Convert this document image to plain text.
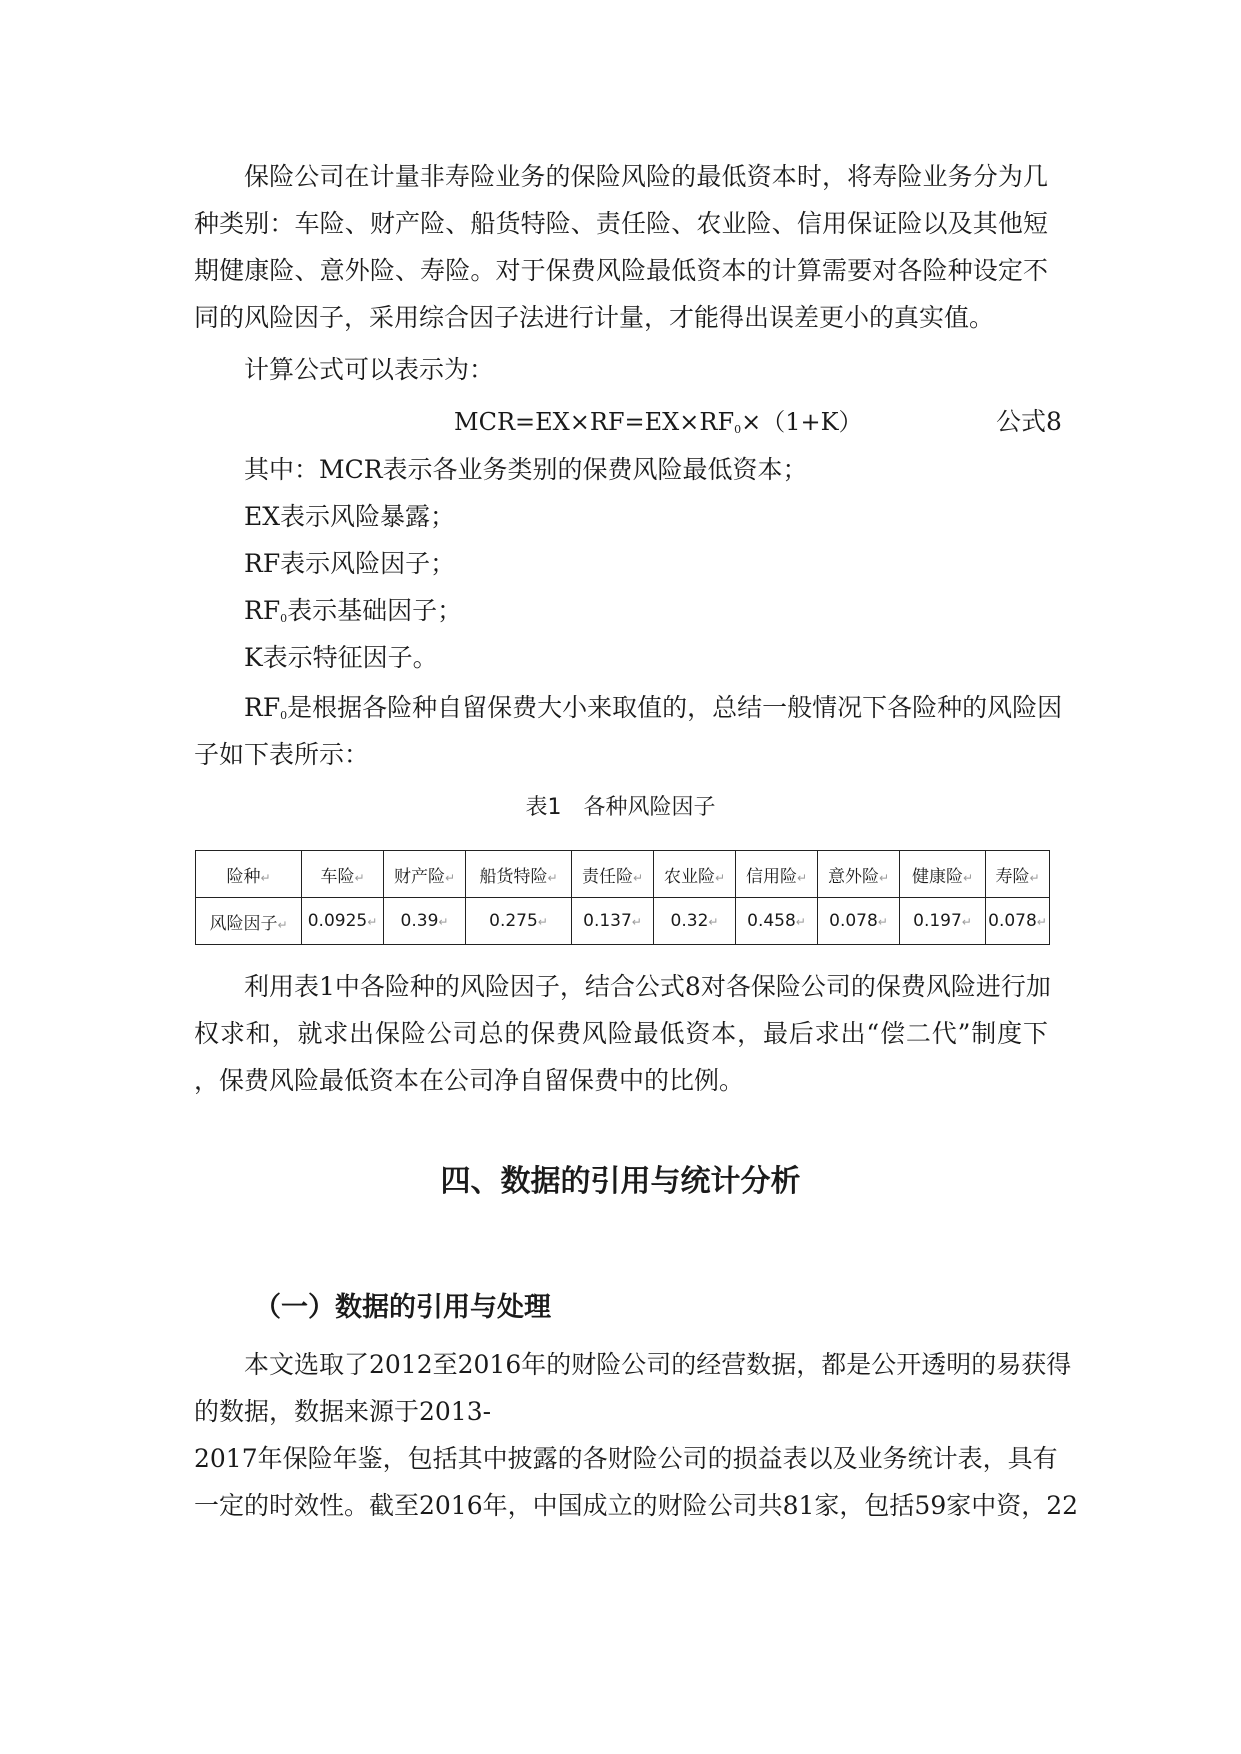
保险公司在计量非寿险业务的保险风险的最低资本时，将寿险业务分为几
种类别：车险、财产险、船货特险、责任险、农业险、信用保证险以及其他短
期健康险、意外险、寿险。对于保费风险最低资本的计算需要对各险种设定不
同的风险因子，采用综合因子法进行计量，才能得出误差更小的真实值。
计算公式可以表示为：
$MCR=EX\times RF=EX\times RF_0\times(1+K)$	公式8
其中：MCR表示各业务类别的保费风险最低资本；
EX表示风险暴露；
RF表示风险因子；
$RF_0$表示基础因子；
K表示特征因子。
$RF_0$是根据各险种自留保费大小来取值的，总结一般情况下各险种的风险因
子如下表所示：
表1　各种风险因子
险种↵	车险↵	财产险↵	船货特险↵	责任险↵	农业险↵	信用险↵	意外险↵	健康险↵	寿险↵
风险因子↵	0.0925↵	0.39↵	0.275↵	0.137↵	0.32↵	0.458↵	0.078↵	0.197↵	0.078↵
利用表1中各险种的风险因子，结合公式8对各保险公司的保费风险进行加
权求和，就求出保险公司总的保费风险最低资本，最后求出“偿二代”制度下
，保费风险最低资本在公司净自留保费中的比例。
四、数据的引用与统计分析
（一）数据的引用与处理
本文选取了2012至2016年的财险公司的经营数据，都是公开透明的易获得
的数据，数据来源于2013-
2017年保险年鉴，包括其中披露的各财险公司的损益表以及业务统计表，具有
一定的时效性。截至2016年，中国成立的财险公司共81家，包括59家中资，22
